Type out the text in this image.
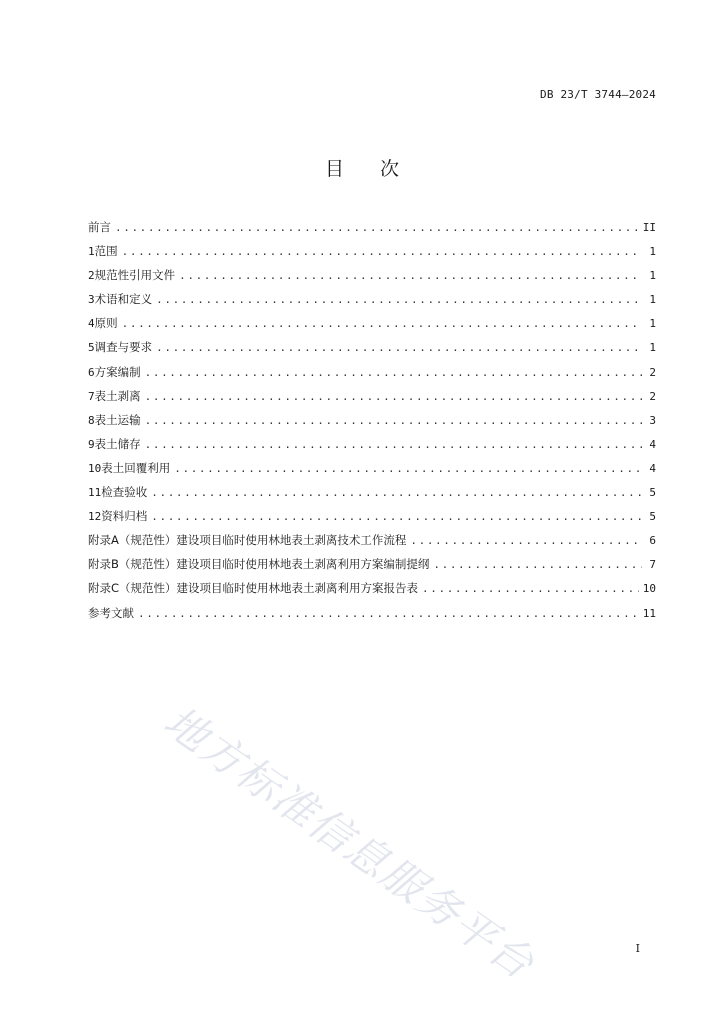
DB 23/T 3744—2024
目 次
前言 .....	II
1 范围 .....	1
2 规范性引用文件 .....	1
3 术语和定义 .....	1
4 原则 .....	1
5 调查与要求 .....	1
6 方案编制 .....	2
7 表土剥离 .....	2
8 表土运输 .....	3
9 表土储存 .....	4
10 表土回覆利用 .....	4
11 检查验收 .....	5
12 资料归档 .....	5
附录A（规范性） 建设项目临时使用林地表土剥离技术工作流程 .....	6
附录B（规范性） 建设项目临时使用林地表土剥离利用方案编制提纲 .....	7
附录C（规范性） 建设项目临时使用林地表土剥离利用方案报告表 .....	10
参考文献 .....	11
地方标准信息服务平台	I
